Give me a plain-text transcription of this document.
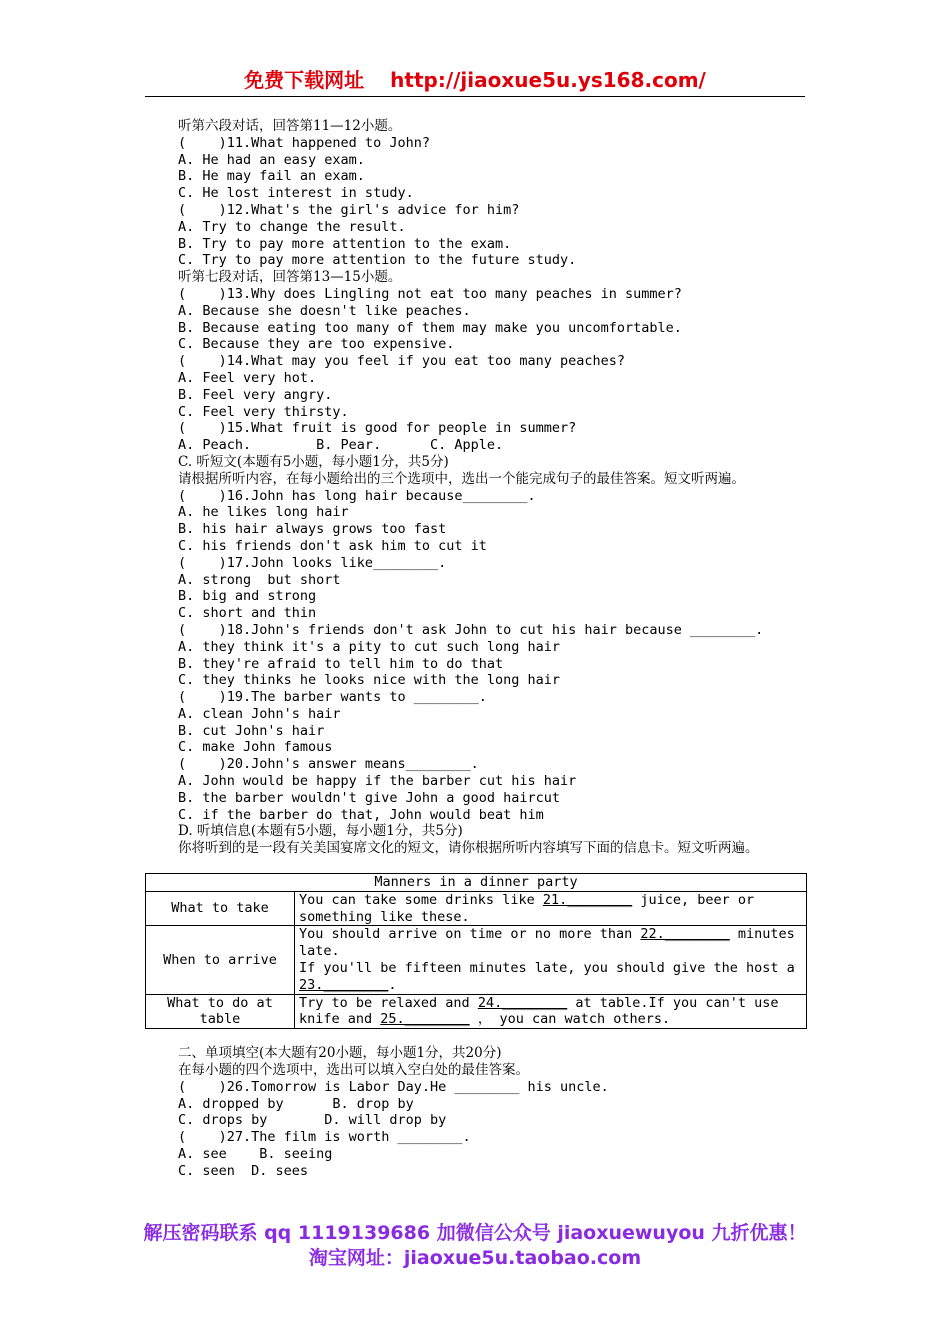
免费下载网址 http://jiaoxue5u.ys168.com/
听第六段对话，回答第11—12小题。
(    )11.What happened to John?
A. He had an easy exam.
B. He may fail an exam.
C. He lost interest in study.
(    )12.What's the girl's advice for him?
A. Try to change the result.
B. Try to pay more attention to the exam.
C. Try to pay more attention to the future study.
听第七段对话，回答第13—15小题。
(    )13.Why does Lingling not eat too many peaches in summer?
A. Because she doesn't like peaches.
B. Because eating too many of them may make you uncomfortable.
C. Because they are too expensive.
(    )14.What may you feel if you eat too many peaches?
A. Feel very hot.
B. Feel very angry.
C. Feel very thirsty.
(    )15.What fruit is good for people in summer?
A. Peach.        B. Pear.      C. Apple.
C. 听短文(本题有5小题，每小题1分，共5分)
请根据所听内容，在每小题给出的三个选项中，选出一个能完成句子的最佳答案。短文听两遍。
(    )16.John has long hair because________.
A. he likes long hair
B. his hair always grows too fast
C. his friends don't ask him to cut it
(    )17.John looks like________.
A. strong  but short
B. big and strong
C. short and thin
(    )18.John's friends don't ask John to cut his hair because ________.
A. they think it's a pity to cut such long hair
B. they're afraid to tell him to do that
C. they thinks he looks nice with the long hair
(    )19.The barber wants to ________.
A. clean John's hair
B. cut John's hair
C. make John famous
(    )20.John's answer means________.
A. John would be happy if the barber cut his hair
B. the barber wouldn't give John a good haircut
C. if the barber do that, John would beat him
D. 听填信息(本题有5小题，每小题1分，共5分)
你将听到的是一段有关美国宴席文化的短文，请你根据所听内容填写下面的信息卡。短文听两遍。
Manners in a dinner party	
What to take	You can take some drinks like 21.________ juice, beer or something like these.
When to arrive	You should arrive on time or no more than 22.________ minutes late.
If you'll be fifteen minutes late, you should give the host a 23.________.
What to do at table	Try to be relaxed and 24.________ at table.If you can't use knife and 25.________ ， you can watch others.
二、单项填空(本大题有20小题，每小题1分，共20分)
在每小题的四个选项中，选出可以填入空白处的最佳答案。
(    )26.Tomorrow is Labor Day.He ________ his uncle.
A. dropped by      B. drop by
C. drops by       D. will drop by
(    )27.The film is worth ________.
A. see    B. seeing
C. seen  D. sees
解压密码联系 qq 1119139686 加微信公众号 jiaoxuewuyou 九折优惠！
淘宝网址：jiaoxue5u.taobao.com
